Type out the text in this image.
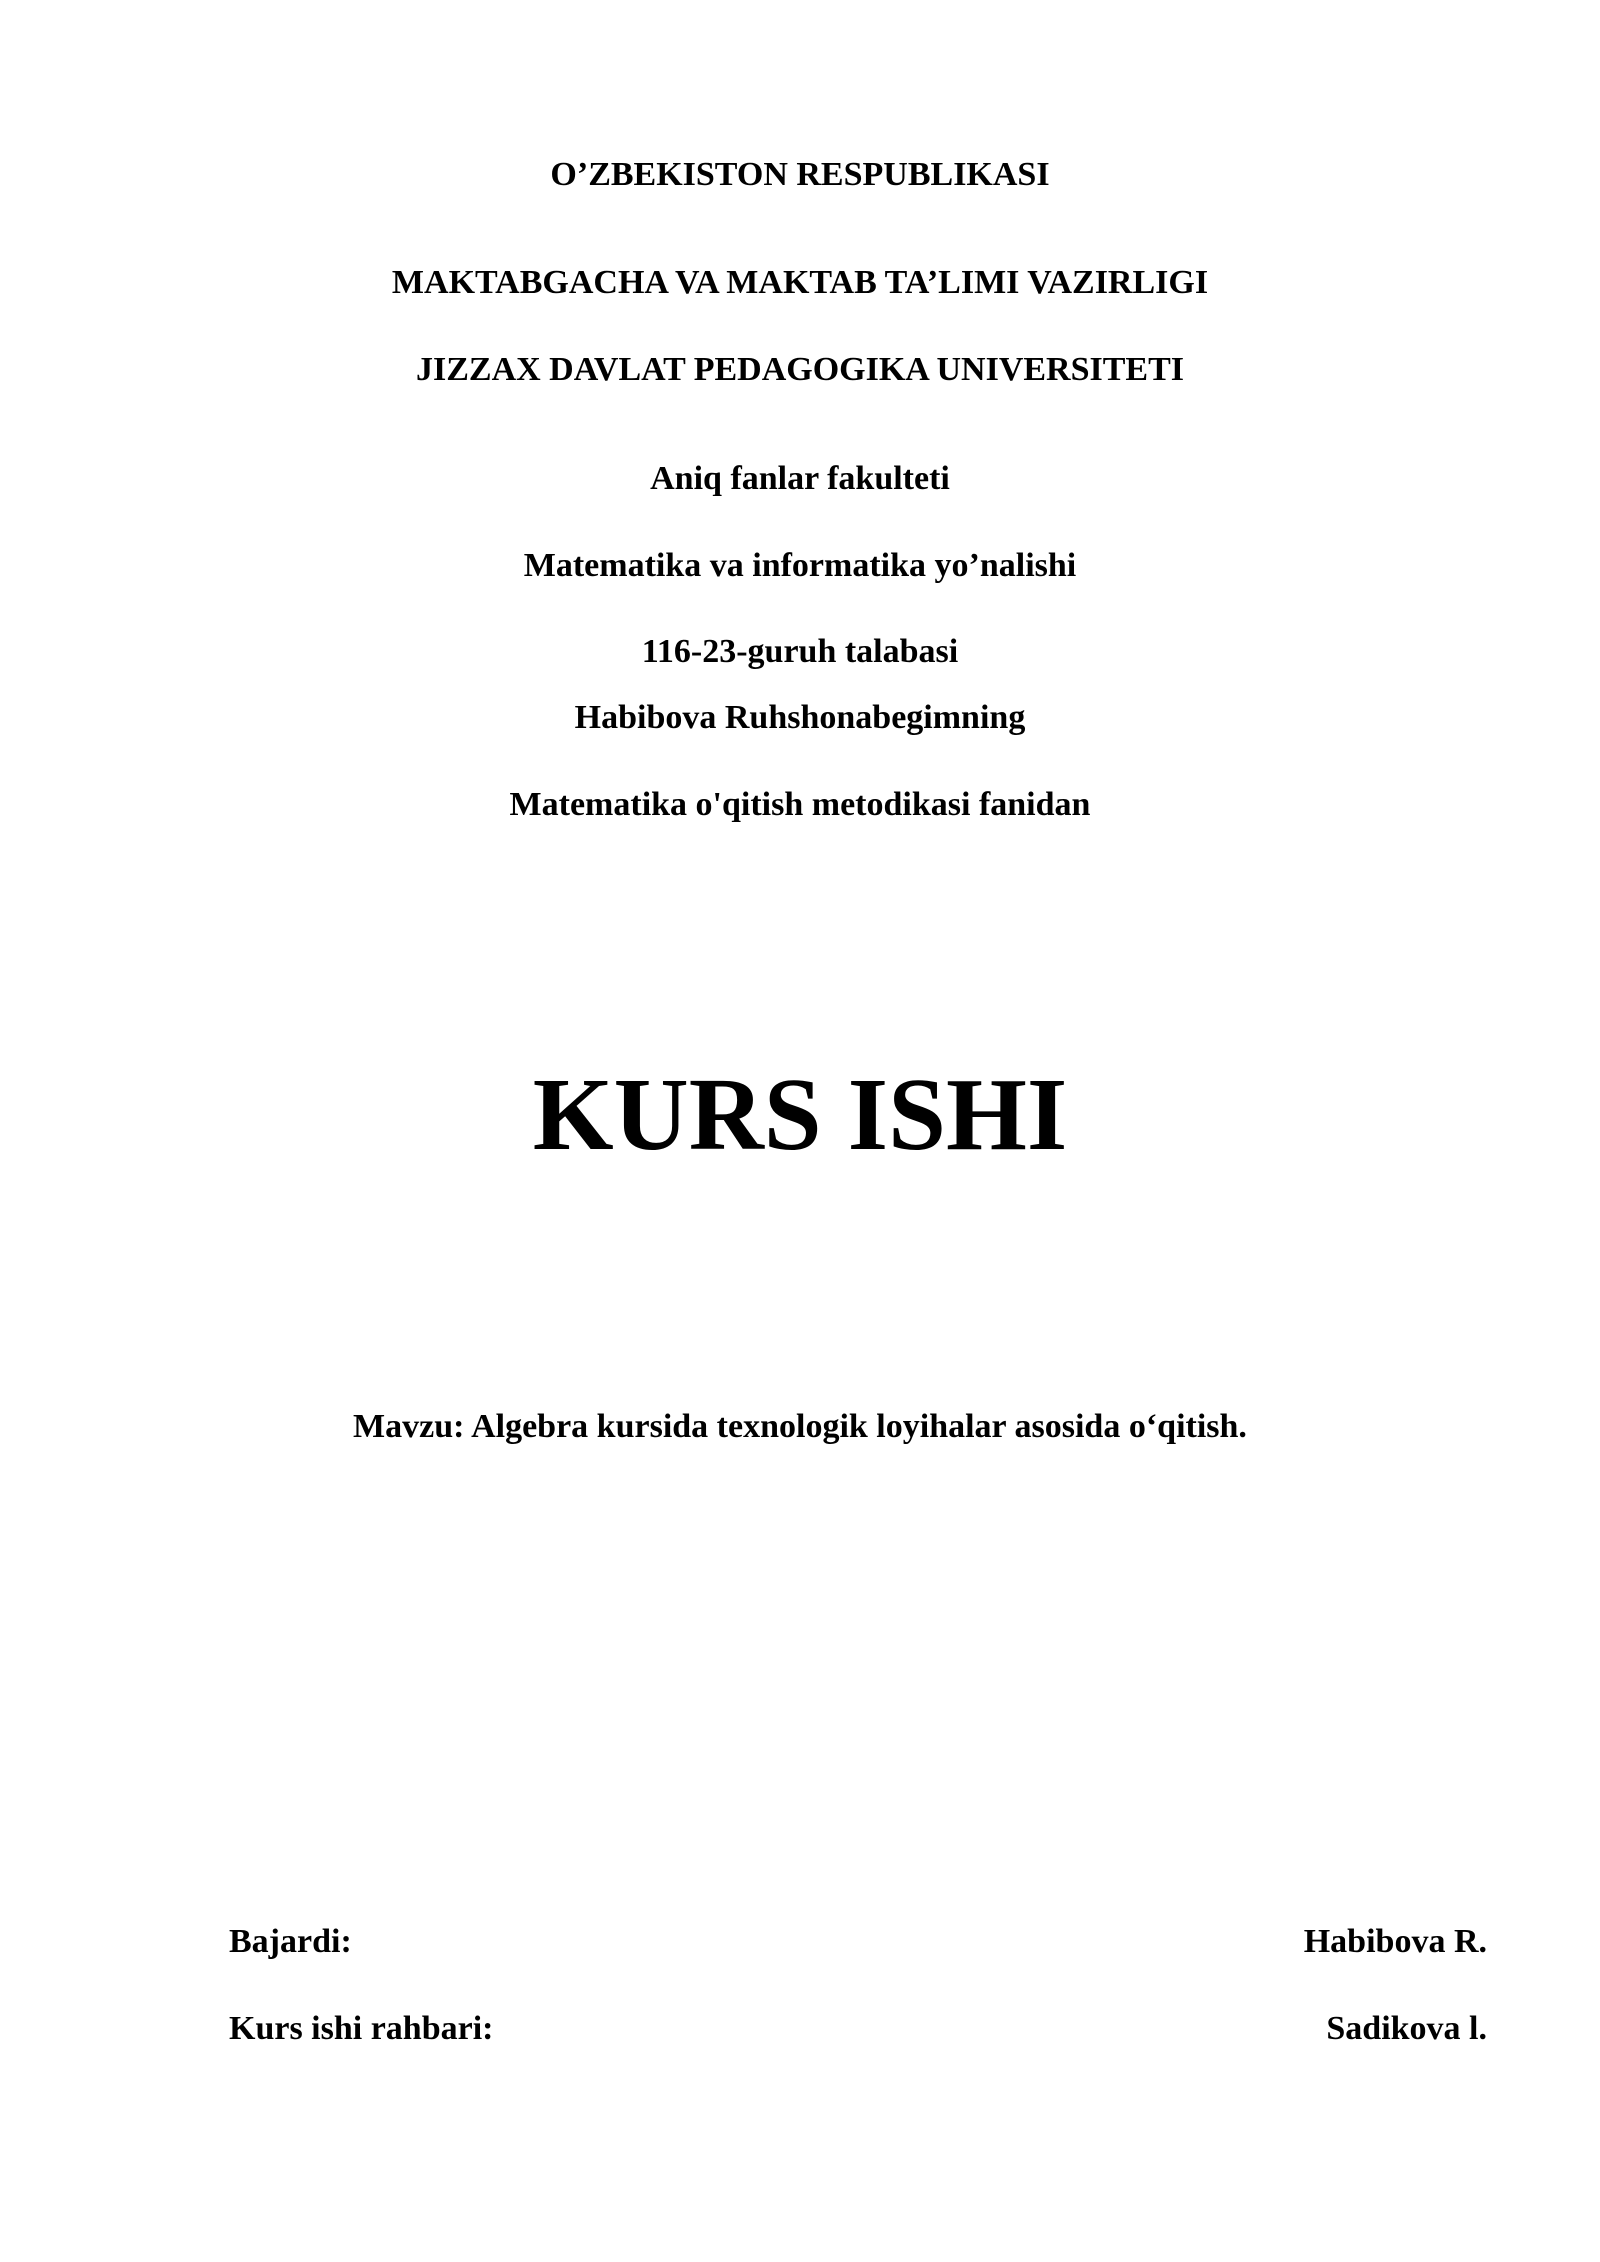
O’ZBEKISTON RESPUBLIKASI
MAKTABGACHA VA MAKTAB TA’LIMI VAZIRLIGI
JIZZAX DAVLAT PEDAGOGIKA UNIVERSITETI
Aniq fanlar fakulteti
Matematika va informatika yo’nalishi
116-23-guruh talabasi
Habibova Ruhshonabegimning
Matematika o'qitish metodikasi fanidan
KURS ISHI
Mavzu: Algebra kursida texnologik loyihalar asosida o‘qitish.
Bajardi:	Habibova R.
Kurs ishi rahbari:	Sadikova l.
